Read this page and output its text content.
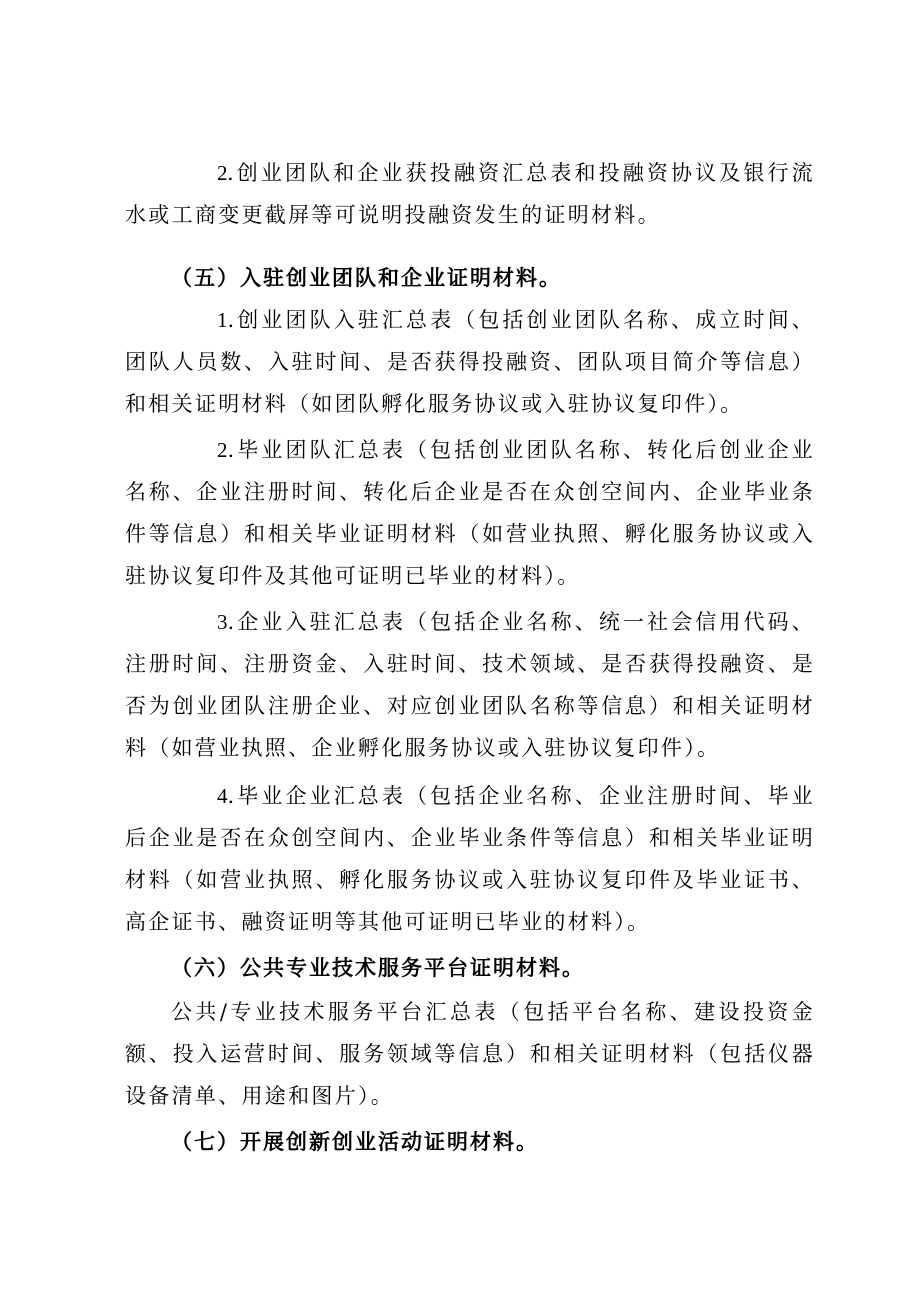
2.创业团队和企业获投融资汇总表和投融资协议及银行流水或工商变更截屏等可说明投融资发生的证明材料。

（五）入驻创业团队和企业证明材料。

1.创业团队入驻汇总表（包括创业团队名称、成立时间、团队人员数、入驻时间、是否获得投融资、团队项目简介等信息）和相关证明材料（如团队孵化服务协议或入驻协议复印件）。

2.毕业团队汇总表（包括创业团队名称、转化后创业企业名称、企业注册时间、转化后企业是否在众创空间内、企业毕业条件等信息）和相关毕业证明材料（如营业执照、孵化服务协议或入驻协议复印件及其他可证明已毕业的材料）。

3.企业入驻汇总表（包括企业名称、统一社会信用代码、注册时间、注册资金、入驻时间、技术领域、是否获得投融资、是否为创业团队注册企业、对应创业团队名称等信息）和相关证明材料（如营业执照、企业孵化服务协议或入驻协议复印件）。

4.毕业企业汇总表（包括企业名称、企业注册时间、毕业后企业是否在众创空间内、企业毕业条件等信息）和相关毕业证明材料（如营业执照、孵化服务协议或入驻协议复印件及毕业证书、高企证书、融资证明等其他可证明已毕业的材料）。

（六）公共专业技术服务平台证明材料。

公共/专业技术服务平台汇总表（包括平台名称、建设投资金额、投入运营时间、服务领域等信息）和相关证明材料（包括仪器设备清单、用途和图片）。

（七）开展创新创业活动证明材料。
